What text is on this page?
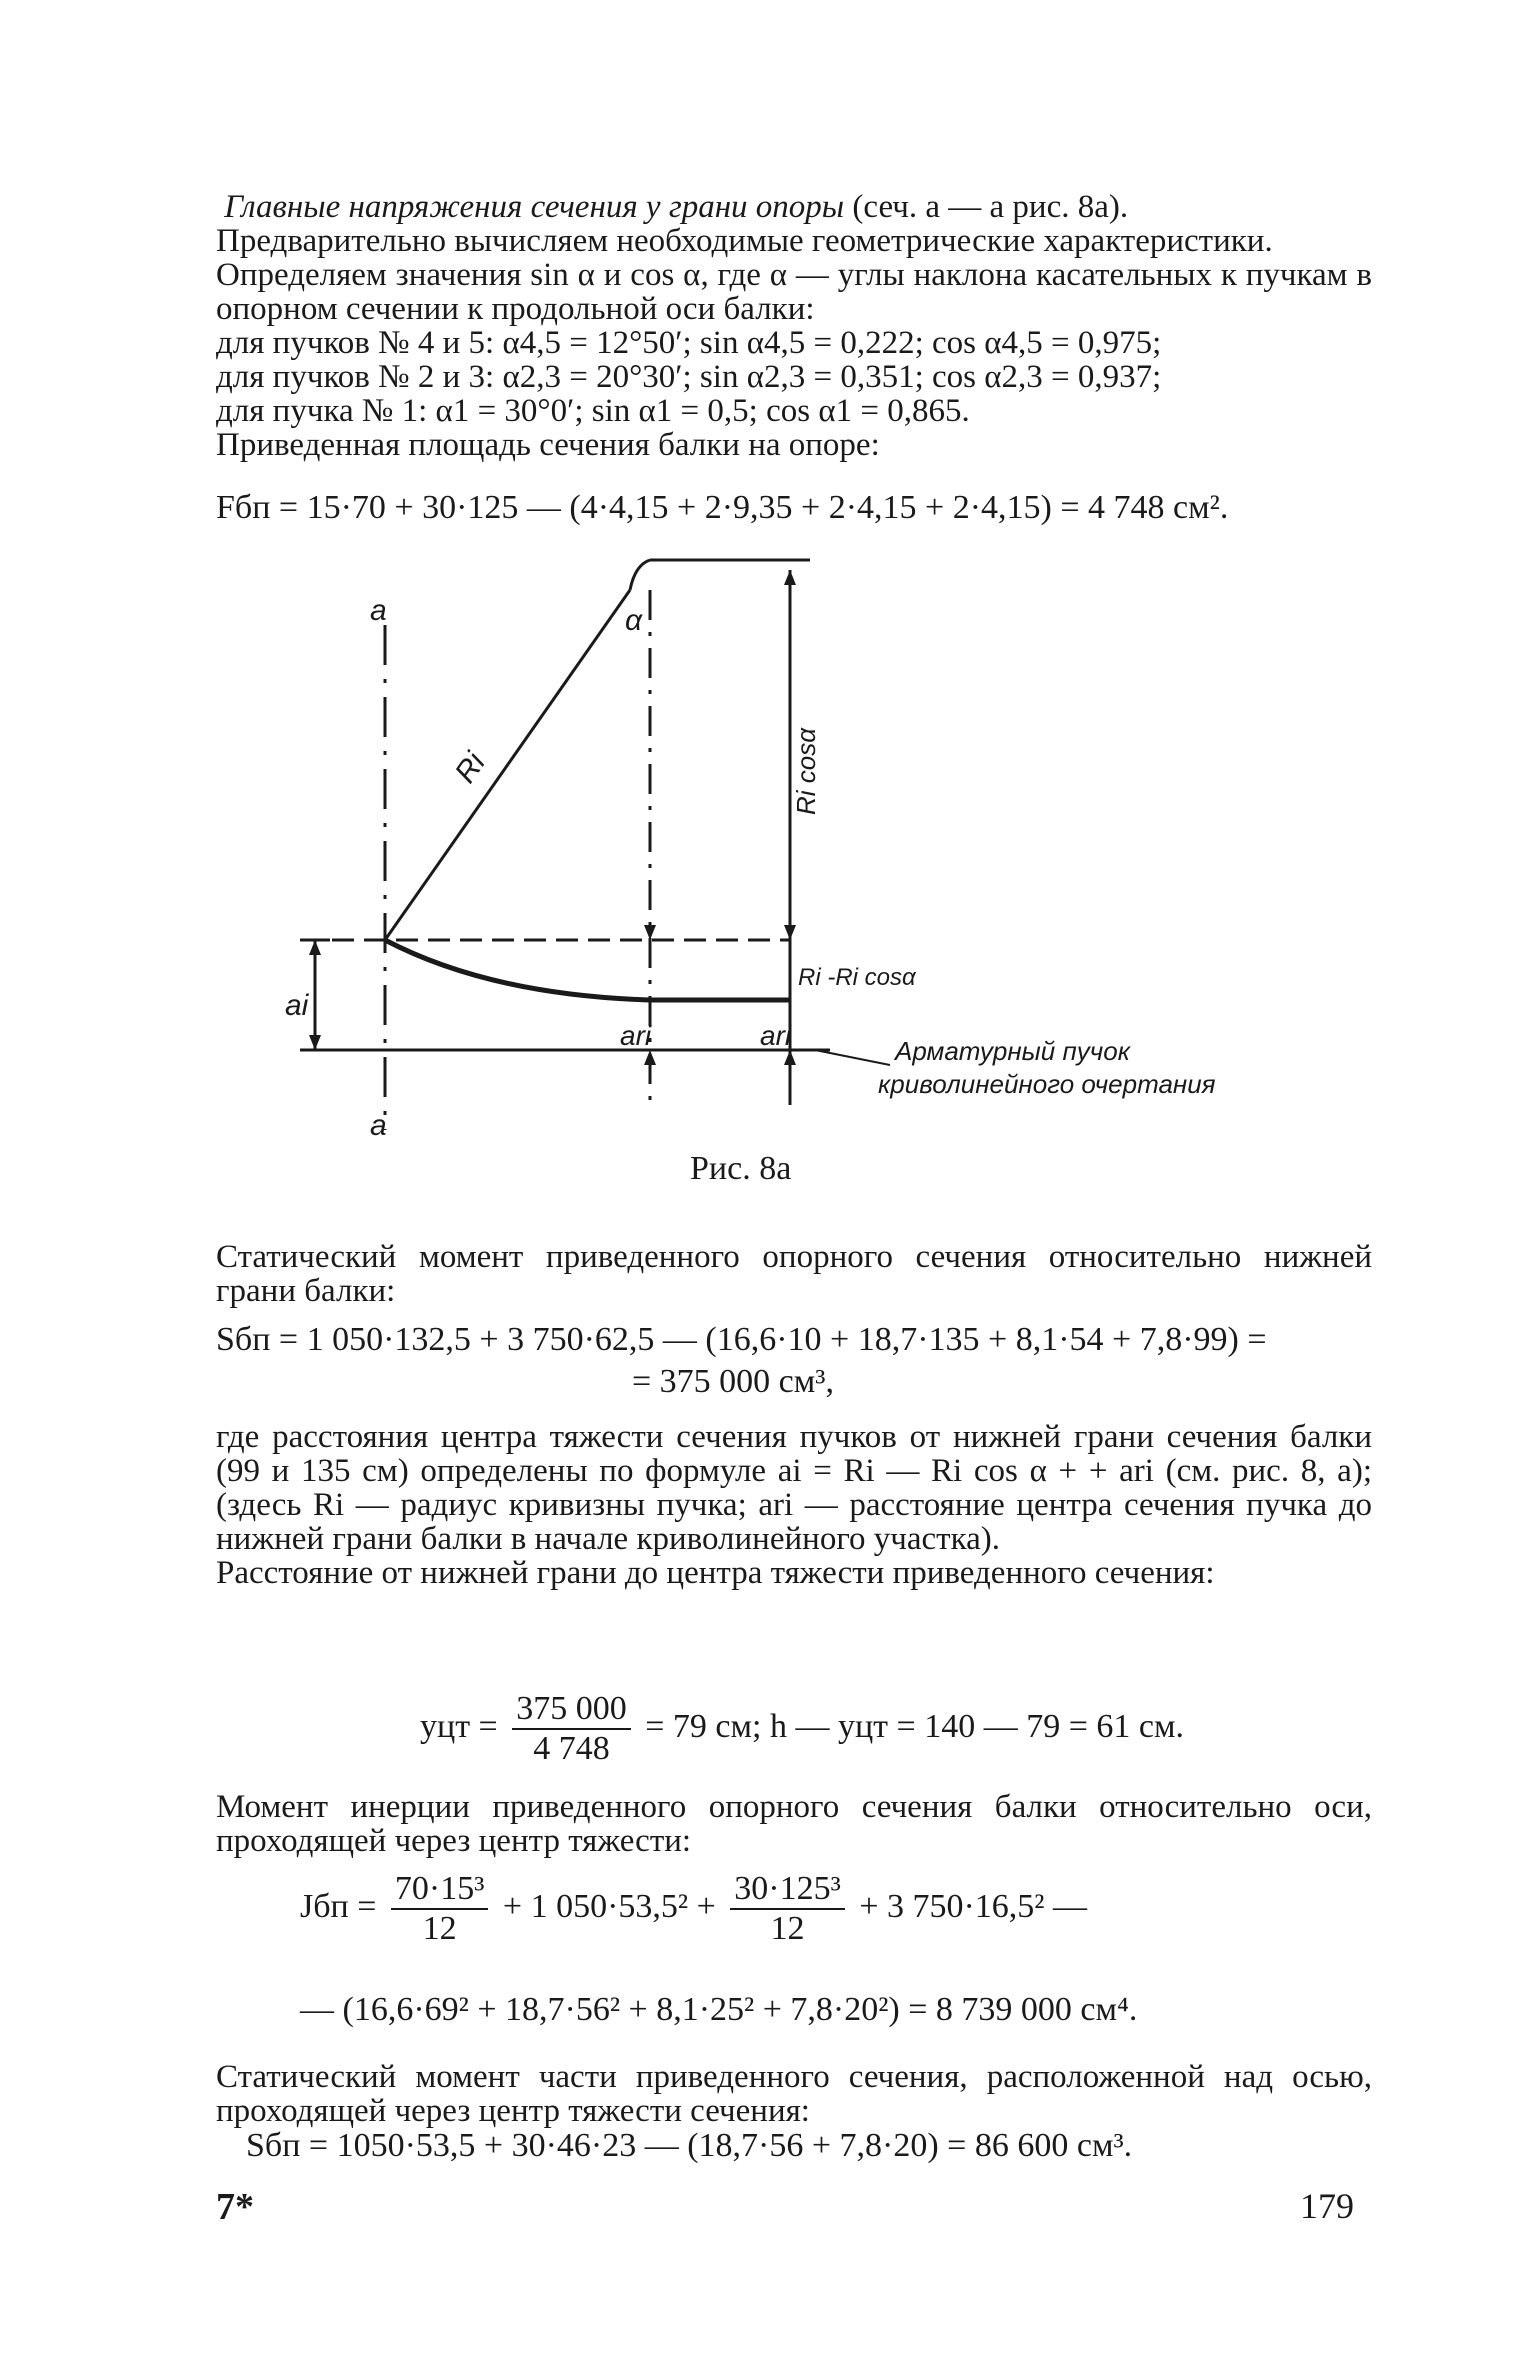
Главные напряжения сечения у грани опоры (сеч. a — a рис. 8а).

Предварительно вычисляем необходимые геометрические характеристики.

Определяем значения sin α и cos α, где α — углы наклона касательных к пучкам в опорном сечении к продольной оси балки:

для пучков № 4 и 5: α4,5 = 12°50′; sin α4,5 = 0,222; cos α4,5 = 0,975;

для пучков № 2 и 3: α2,3 = 20°30′; sin α2,3 = 0,351; cos α2,3 = 0,937;

для пучка № 1: α1 = 30°0′; sin α1 = 0,5; cos α1 = 0,865.

Приведенная площадь сечения балки на опоре:

Fбп = 15·70 + 30·125 — (4·4,15 + 2·9,35 + 2·4,15 + 2·4,15) = 4 748 см².
a
a
α
Ri	Ri cosα
Ri -Ri cosα
ai
ari	ari	Арматурный пучок
криволинейного очертания
Рис. 8а

Статический момент приведенного опорного сечения относительно нижней грани балки:

Sбп = 1 050·132,5 + 3 750·62,5 — (16,6·10 + 18,7·135 + 8,1·54 + 7,8·99) =
= 375 000 см³,

где расстояния центра тяжести сечения пучков от нижней грани сечения балки (99 и 135 см) определены по формуле ai = Ri — Ri cos α + + ari (см. рис. 8, а); (здесь Ri — радиус кривизны пучка; ari — расстояние центра сечения пучка до нижней грани балки в начале криволинейного участка).

Расстояние от нижней грани до центра тяжести приведенного сечения:

yцт = $\frac{375 000}{4 748} = 79$ см; h — yцт = 140 — 79 = 61 см.

Момент инерции приведенного опорного сечения балки относительно оси, проходящей через центр тяжести:

Jбп = $\frac{\text{70·15³}}{12} + 1$ $050\cdot 53,5^2 + \frac{\text{30·125³}}{12} + 3$ 750·16,5² —
— (16,6·69² + 18,7·56² + 8,1·25² + 7,8·20²) = 8 739 000 см⁴.

Статический момент части приведенного сечения, расположенной над осью, проходящей через центр тяжести сечения:

Sбп = 1050·53,5 + 30·46·23 — (18,7·56 + 7,8·20) = 86 600 см³.
7*	179
